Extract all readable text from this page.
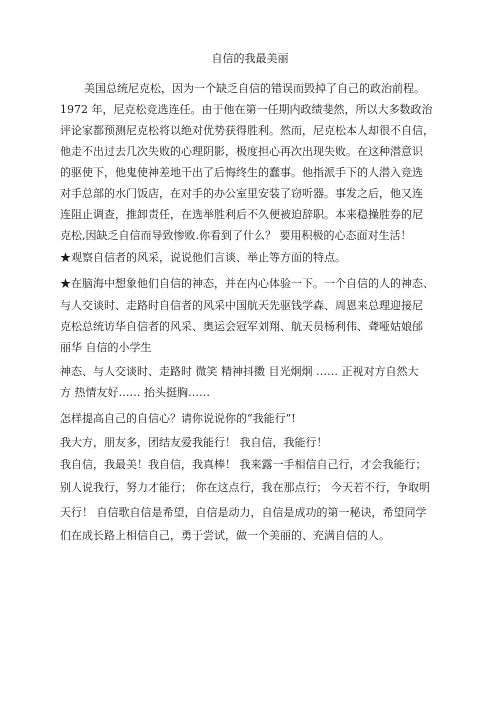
自信的我最美丽
美国总统尼克松，因为一个缺乏自信的错误而毁掉了自己的政治前程。
1972 年，尼克松竞选连任。由于他在第一任期内政绩斐然，所以大多数政治
评论家都预测尼克松将以绝对优势获得胜利。然而，尼克松本人却很不自信，
他走不出过去几次失败的心理阴影，极度担心再次出现失败。在这种潜意识
的驱使下，他鬼使神差地干出了后悔终生的蠢事。他指派手下的人潜入竞选
对手总部的水门饭店，在对手的办公室里安装了窃听器。事发之后，他又连
连阻止调查，推卸责任，在选举胜利后不久便被迫辞职。本来稳操胜券的尼
克松,因缺乏自信而导致惨败.你看到了什么？ 要用积极的心态面对生活！
★观察自信者的风采，说说他们言谈、举止等方面的特点。
★在脑海中想象他们自信的神态，并在内心体验一下。一个自信的人的神态、
与人交谈时、走路时自信者的风采中国航天先驱钱学森、周恩来总理迎接尼
克松总统访华自信者的风采、奥运会冠军刘翔、航天员杨利伟、聋哑姑娘邰
丽华 自信的小学生
神态、与人交谈时、走路时 微笑 精神抖擞 目光炯炯 …… 正视对方自然大
方 热情友好…… 抬头挺胸……
怎样提高自己的自信心？请你说说你的“我能行”!
我大方，朋友多，团结友爱我能行！ 我自信，我能行！
我自信，我最美！我自信，我真棒！ 我来露一手相信自己行，才会我能行；
别人说我行，努力才能行； 你在这点行，我在那点行； 今天若不行，争取明
天行！ 自信歌自信是希望，自信是动力，自信是成功的第一秘诀，希望同学
们在成长路上相信自己，勇于尝试，做一个美丽的、充满自信的人。
